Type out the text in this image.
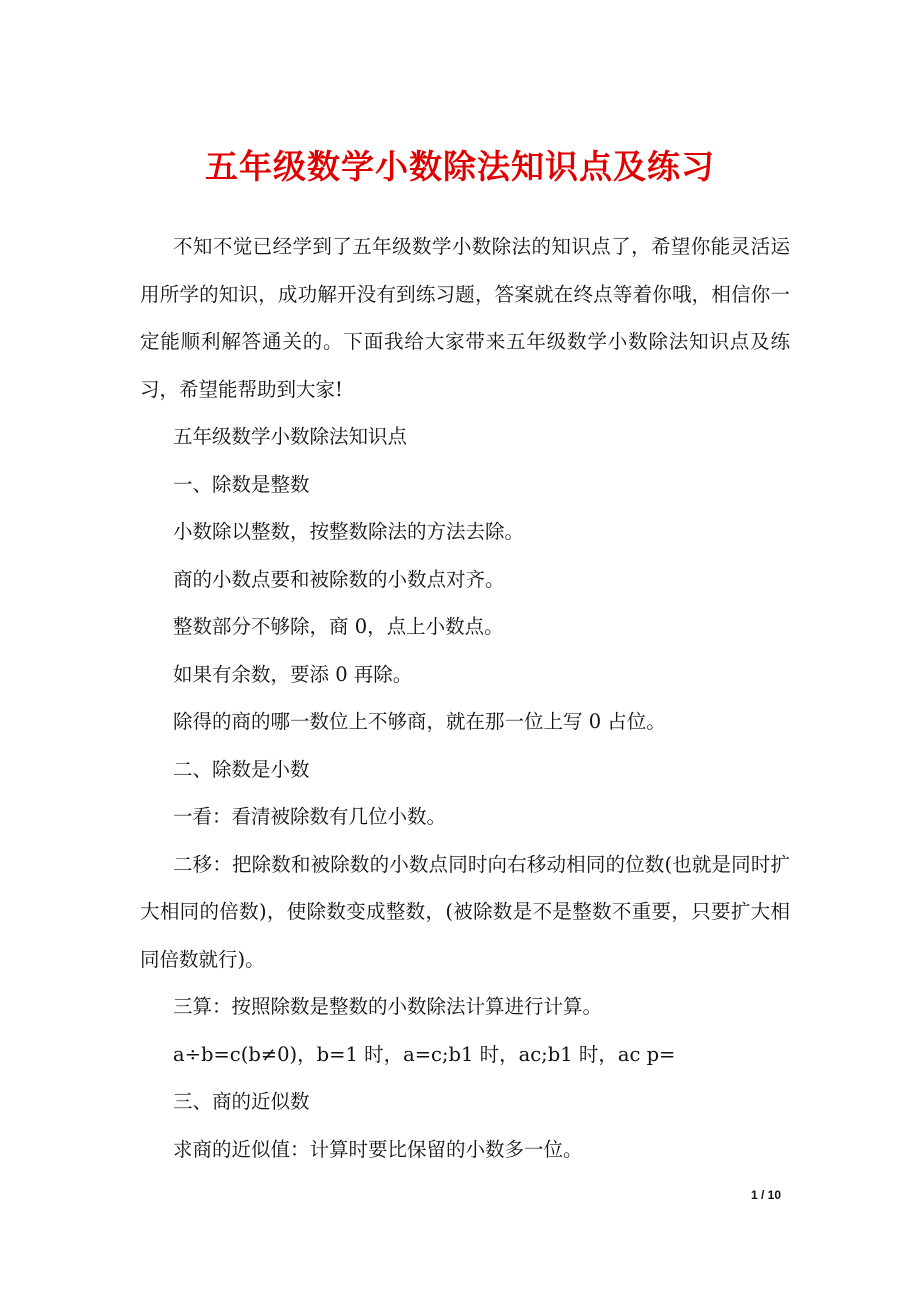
五年级数学小数除法知识点及练习

不知不觉已经学到了五年级数学小数除法的知识点了，希望你能灵活运用所学的知识，成功解开没有到练习题，答案就在终点等着你哦，相信你一定能顺利解答通关的。下面我给大家带来五年级数学小数除法知识点及练习，希望能帮助到大家!

五年级数学小数除法知识点

一、除数是整数

小数除以整数，按整数除法的方法去除。

商的小数点要和被除数的小数点对齐。

整数部分不够除，商 0，点上小数点。

如果有余数，要添 0 再除。

除得的商的哪一数位上不够商，就在那一位上写 0 占位。

二、除数是小数

一看：看清被除数有几位小数。

二移：把除数和被除数的小数点同时向右移动相同的位数(也就是同时扩大相同的倍数)，使除数变成整数，(被除数是不是整数不重要，只要扩大相同倍数就行)。

三算：按照除数是整数的小数除法计算进行计算。

a÷b=c(b≠0)，b=1 时，a=c;b1 时，ac;b1 时，ac p=

三、商的近似数

求商的近似值：计算时要比保留的小数多一位。

1 / 10
